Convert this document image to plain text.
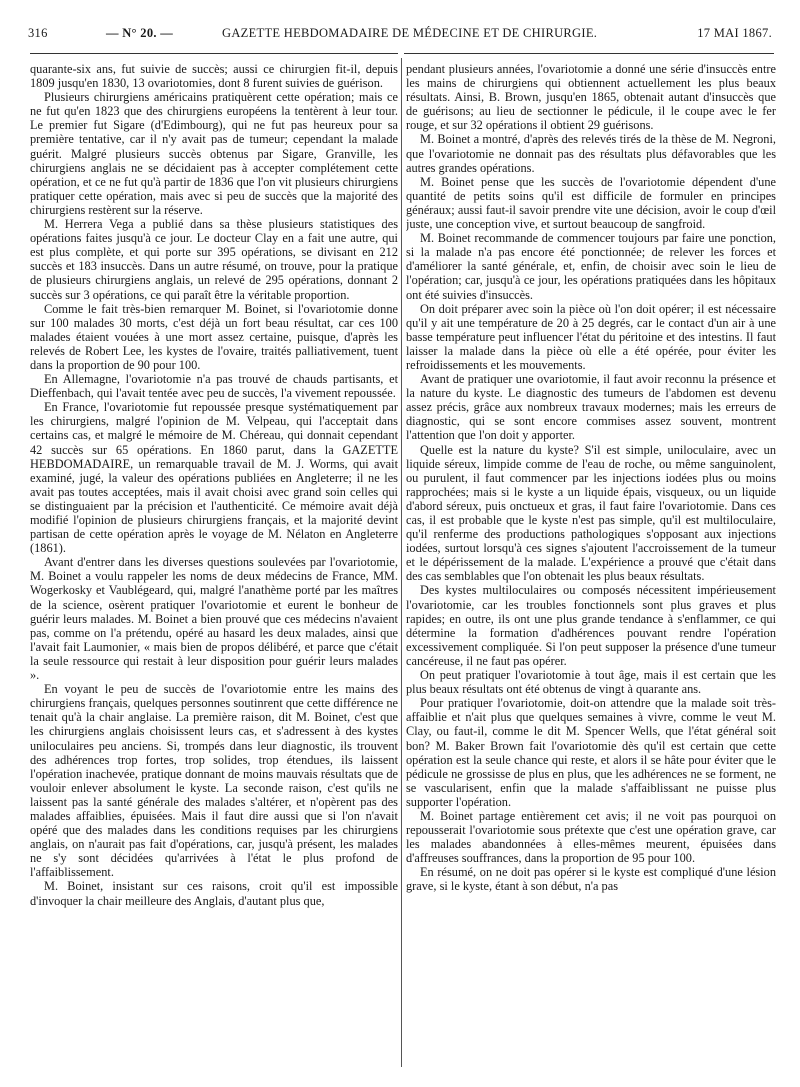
316	— N° 20. —	GAZETTE HEBDOMADAIRE DE MÉDECINE ET DE CHIRURGIE.	17 MAI 1867.

quarante-six ans, fut suivie de succès; aussi ce chirurgien fit-il, depuis 1809 jusqu'en 1830, 13 ovariotomies, dont 8 furent suivies de guérison.

Plusieurs chirurgiens américains pratiquèrent cette opération; mais ce ne fut qu'en 1823 que des chirurgiens européens la tentèrent à leur tour. Le premier fut Sigare (d'Edimbourg), qui ne fut pas heureux pour sa première tentative, car il n'y avait pas de tumeur; cependant la malade guérit. Malgré plusieurs succès obtenus par Sigare, Granville, les chirurgiens anglais ne se décidaient pas à accepter complétement cette opération, et ce ne fut qu'à partir de 1836 que l'on vit plusieurs chirurgiens pratiquer cette opération, mais avec si peu de succès que la majorité des chirurgiens restèrent sur la réserve.

M. Herrera Vega a publié dans sa thèse plusieurs statistiques des opérations faites jusqu'à ce jour. Le docteur Clay en a fait une autre, qui est plus complète, et qui porte sur 395 opérations, se divisant en 212 succès et 183 insuccès. Dans un autre résumé, on trouve, pour la pratique de plusieurs chirurgiens anglais, un relevé de 295 opérations, donnant 2 succès sur 3 opérations, ce qui paraît être la véritable proportion.

Comme le fait très-bien remarquer M. Boinet, si l'ovariotomie donne sur 100 malades 30 morts, c'est déjà un fort beau résultat, car ces 100 malades étaient vouées à une mort assez certaine, puisque, d'après les relevés de Robert Lee, les kystes de l'ovaire, traités palliativement, tuent dans la proportion de 90 pour 100.

En Allemagne, l'ovariotomie n'a pas trouvé de chauds partisants, et Dieffenbach, qui l'avait tentée avec peu de succès, l'a vivement repoussée.

En France, l'ovariotomie fut repoussée presque systématiquement par les chirurgiens, malgré l'opinion de M. Velpeau, qui l'acceptait dans certains cas, et malgré le mémoire de M. Chéreau, qui donnait cependant 42 succès sur 65 opérations. En 1860 parut, dans la GAZETTE HEBDOMADAIRE, un remarquable travail de M. J. Worms, qui avait examiné, jugé, la valeur des opérations publiées en Angleterre; il ne les avait pas toutes acceptées, mais il avait choisi avec grand soin celles qui se distinguaient par la précision et l'authenticité. Ce mémoire avait déjà modifié l'opinion de plusieurs chirurgiens français, et la majorité devint partisan de cette opération après le voyage de M. Nélaton en Angleterre (1861).

Avant d'entrer dans les diverses questions soulevées par l'ovariotomie, M. Boinet a voulu rappeler les noms de deux médecins de France, MM. Wogerkosky et Vaublégeard, qui, malgré l'anathème porté par les maîtres de la science, osèrent pratiquer l'ovariotomie et eurent le bonheur de guérir leurs malades. M. Boinet a bien prouvé que ces médecins n'avaient pas, comme on l'a prétendu, opéré au hasard les deux malades, ainsi que l'avait fait Laumonier, « mais bien de propos délibéré, et parce que c'était la seule ressource qui restait à leur disposition pour guérir leurs malades ».

En voyant le peu de succès de l'ovariotomie entre les mains des chirurgiens français, quelques personnes soutinrent que cette différence ne tenait qu'à la chair anglaise. La première raison, dit M. Boinet, c'est que les chirurgiens anglais choisissent leurs cas, et s'adressent à des kystes uniloculaires peu anciens. Si, trompés dans leur diagnostic, ils trouvent des adhérences trop fortes, trop solides, trop étendues, ils laissent l'opération inachevée, pratique donnant de moins mauvais résultats que de vouloir enlever absolument le kyste. La seconde raison, c'est qu'ils ne laissent pas la santé générale des malades s'altérer, et n'opèrent pas des malades affaiblies, épuisées. Mais il faut dire aussi que si l'on n'avait opéré que des malades dans les conditions requises par les chirurgiens anglais, on n'aurait pas fait d'opérations, car, jusqu'à présent, les malades ne s'y sont décidées qu'arrivées à l'état le plus profond de l'affaiblissement.

M. Boinet, insistant sur ces raisons, croit qu'il est impossible d'invoquer la chair meilleure des Anglais, d'autant plus que,

pendant plusieurs années, l'ovariotomie a donné une série d'insuccès entre les mains de chirurgiens qui obtiennent actuellement les plus beaux résultats. Ainsi, B. Brown, jusqu'en 1865, obtenait autant d'insuccès que de guérisons; au lieu de sectionner le pédicule, il le coupe avec le fer rouge, et sur 32 opérations il obtient 29 guérisons.

M. Boinet a montré, d'après des relevés tirés de la thèse de M. Negroni, que l'ovariotomie ne donnait pas des résultats plus défavorables que les autres grandes opérations.

M. Boinet pense que les succès de l'ovariotomie dépendent d'une quantité de petits soins qu'il est difficile de formuler en principes généraux; aussi faut-il savoir prendre vite une décision, avoir le coup d'œil juste, une conception vive, et surtout beaucoup de sangfroid.

M. Boinet recommande de commencer toujours par faire une ponction, si la malade n'a pas encore été ponctionnée; de relever les forces et d'améliorer la santé générale, et, enfin, de choisir avec soin le lieu de l'opération; car, jusqu'à ce jour, les opérations pratiquées dans les hôpitaux ont été suivies d'insuccès.

On doit préparer avec soin la pièce où l'on doit opérer; il est nécessaire qu'il y ait une température de 20 à 25 degrés, car le contact d'un air à une basse température peut influencer l'état du péritoine et des intestins. Il faut laisser la malade dans la pièce où elle a été opérée, pour éviter les refroidissements et les mouvements.

Avant de pratiquer une ovariotomie, il faut avoir reconnu la présence et la nature du kyste. Le diagnostic des tumeurs de l'abdomen est devenu assez précis, grâce aux nombreux travaux modernes; mais les erreurs de diagnostic, qui se sont encore commises assez souvent, montrent l'attention que l'on doit y apporter.

Quelle est la nature du kyste? S'il est simple, uniloculaire, avec un liquide séreux, limpide comme de l'eau de roche, ou même sanguinolent, ou purulent, il faut commencer par les injections iodées plus ou moins rapprochées; mais si le kyste a un liquide épais, visqueux, ou un liquide d'abord séreux, puis onctueux et gras, il faut faire l'ovariotomie. Dans ces cas, il est probable que le kyste n'est pas simple, qu'il est multiloculaire, qu'il renferme des productions pathologiques s'opposant aux injections iodées, surtout lorsqu'à ces signes s'ajoutent l'accroissement de la tumeur et le dépérissement de la malade. L'expérience a prouvé que c'était dans des cas semblables que l'on obtenait les plus beaux résultats.

Des kystes multiloculaires ou composés nécessitent impérieusement l'ovariotomie, car les troubles fonctionnels sont plus graves et plus rapides; en outre, ils ont une plus grande tendance à s'enflammer, ce qui détermine la formation d'adhérences pouvant rendre l'opération excessivement compliquée. Si l'on peut supposer la présence d'une tumeur cancéreuse, il ne faut pas opérer.

On peut pratiquer l'ovariotomie à tout âge, mais il est certain que les plus beaux résultats ont été obtenus de vingt à quarante ans.

Pour pratiquer l'ovariotomie, doit-on attendre que la malade soit très-affaiblie et n'ait plus que quelques semaines à vivre, comme le veut M. Clay, ou faut-il, comme le dit M. Spencer Wells, que l'état général soit bon? M. Baker Brown fait l'ovariotomie dès qu'il est certain que cette opération est la seule chance qui reste, et alors il se hâte pour éviter que le pédicule ne grossisse de plus en plus, que les adhérences ne se forment, ne se vascularisent, enfin que la malade s'affaiblissant ne puisse plus supporter l'opération.

M. Boinet partage entièrement cet avis; il ne voit pas pourquoi on repousserait l'ovariotomie sous prétexte que c'est une opération grave, car les malades abandonnées à elles-mêmes meurent, épuisées dans d'affreuses souffrances, dans la proportion de 95 pour 100.

En résumé, on ne doit pas opérer si le kyste est compliqué d'une lésion grave, si le kyste, étant à son début, n'a pas
